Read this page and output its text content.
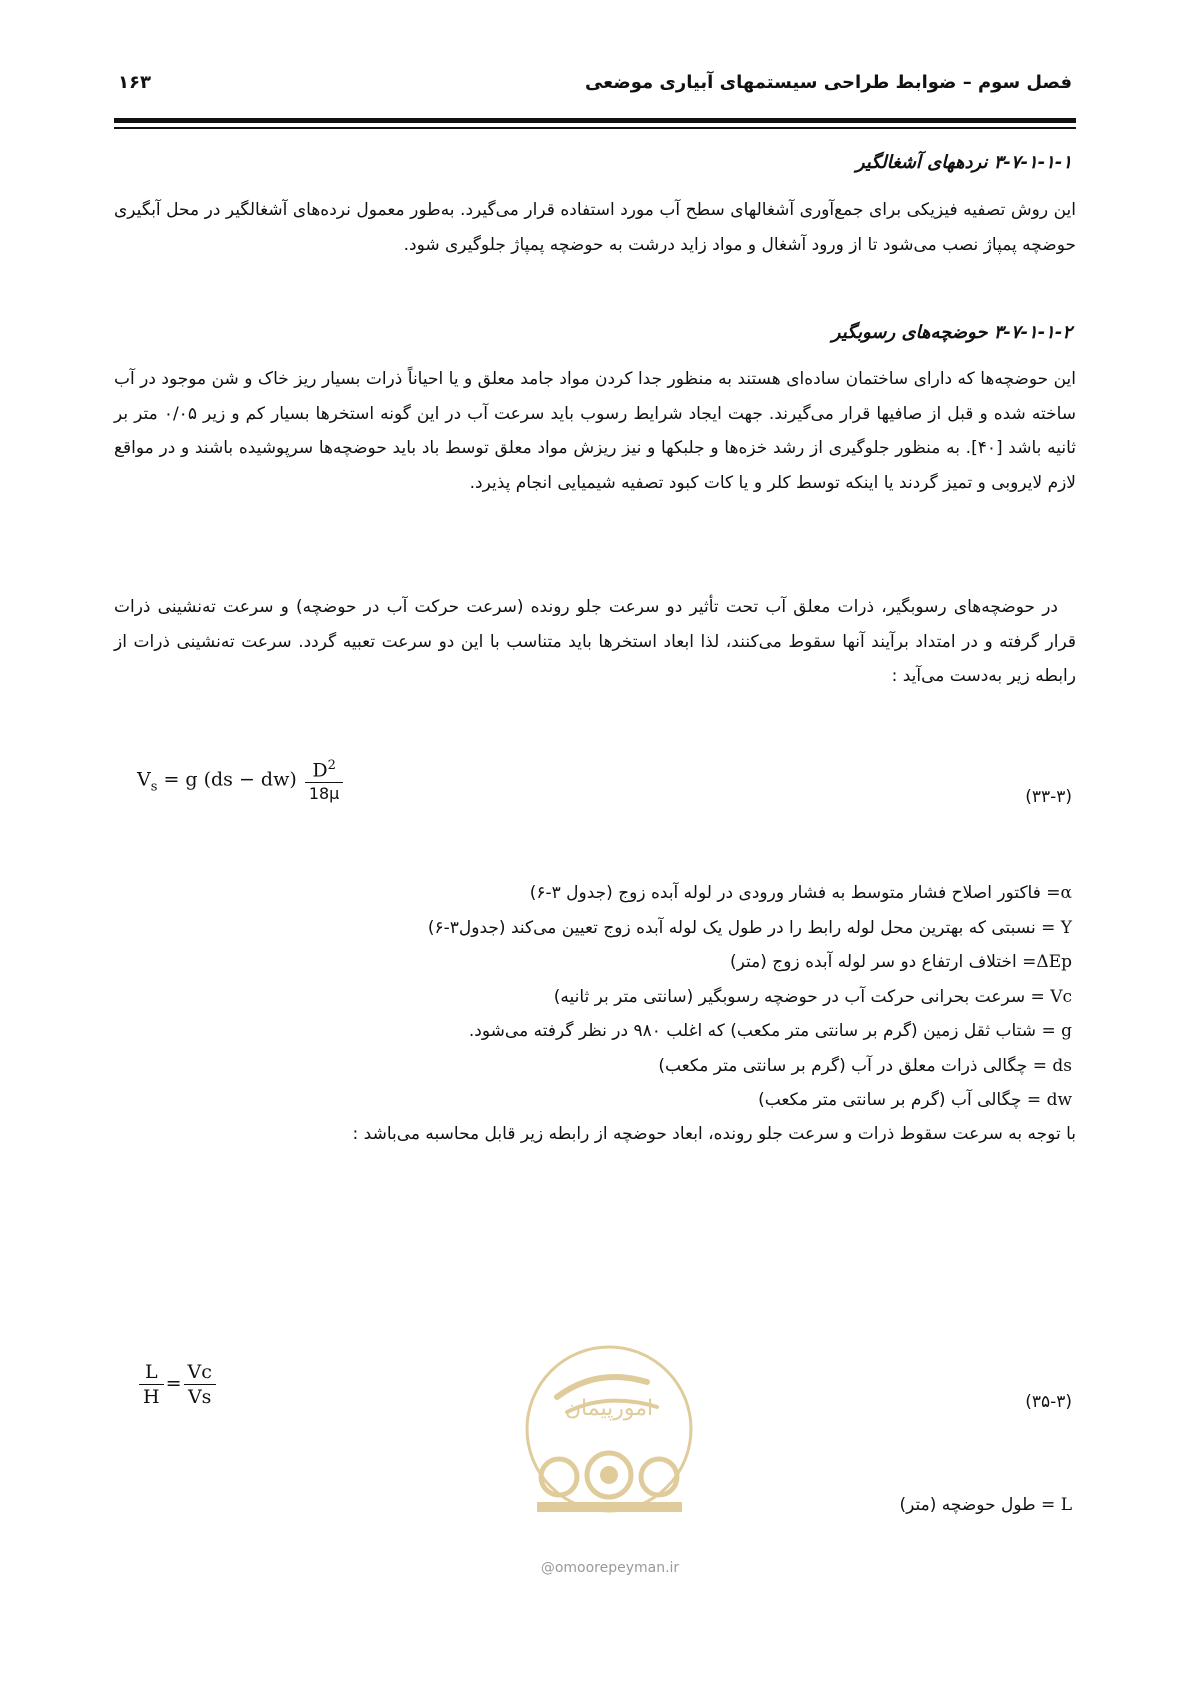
فصل سوم – ضوابط طراحی سیستمهای آبیاری موضعی
۱۶۳
۳-۷-۱-۱-۱ نردههای آشغالگیر

این روش تصفیه فیزیکی برای جمع‌آوری آشغالهای سطح آب مورد استفاده قرار می‌گیرد. به‌طور معمول نرده‌های آشغالگیر در محل آبگیری حوضچه پمپاژ نصب می‌شود تا از ورود آشغال و مواد زاید درشت به حوضچه پمپاژ جلوگیری شود.

۳-۷-۱-۱-۲ حوضچه‌های رسوبگیر

این حوضچه‌ها که دارای ساختمان ساده‌ای هستند به منظور جدا کردن مواد جامد معلق و یا احیاناً ذرات بسیار ریز خاک و شن موجود در آب ساخته شده و قبل از صافیها قرار می‌گیرند. جهت ایجاد شرایط رسوب باید سرعت آب در این گونه استخرها بسیار کم و زیر ۰/۰۵ متر بر ثانیه باشد [۴۰]. به منظور جلوگیری از رشد خزه‌ها و جلبکها و نیز ریزش مواد معلق توسط باد باید حوضچه‌ها سرپوشیده باشند و در مواقع لازم لایروبی و تمیز گردند یا اینکه توسط کلر و یا کات کبود تصفیه شیمیایی انجام پذیرد.

در حوضچه‌های رسوبگیر، ذرات معلق آب تحت تأثیر دو سرعت جلو رونده (سرعت حرکت آب در حوضچه) و سرعت ته‌نشینی ذرات قرار گرفته و در امتداد برآیند آنها سقوط می‌کنند، لذا ابعاد استخرها باید متناسب با این دو سرعت تعبیه گردد. سرعت ته‌نشینی ذرات از رابطه زیر به‌دست می‌آید :

$V_s = g$ $(ds - dw) \frac{D^2}{18\mu}$	(۳۳-۳)
α= فاکتور اصلاح فشار متوسط به فشار ورودی در لوله آبده زوج (جدول ۳-۶)
Y = نسبتی که بهترین محل لوله رابط را در طول یک لوله آبده زوج تعیین می‌کند (جدول۳-۶)
ΔEp= اختلاف ارتفاع دو سر لوله آبده زوج (متر)
Vc = سرعت بحرانی حرکت آب در حوضچه رسوبگیر (سانتی متر بر ثانیه)
g = شتاب ثقل زمین (گرم بر سانتی متر مکعب) که اغلب ۹۸۰ در نظر گرفته می‌شود.
ds = چگالی ذرات معلق در آب (گرم بر سانتی متر مکعب)
dw = چگالی آب (گرم بر سانتی متر مکعب)

با توجه به سرعت سقوط ذرات و سرعت جلو رونده، ابعاد حوضچه از رابطه زیر قابل محاسبه می‌باشد :

$\frac{L}{H} = \frac{Vc}{Vs}$	(۳۵-۳)
L = طول حوضچه (متر)
امورپیمان
@omoorepeyman.ir
